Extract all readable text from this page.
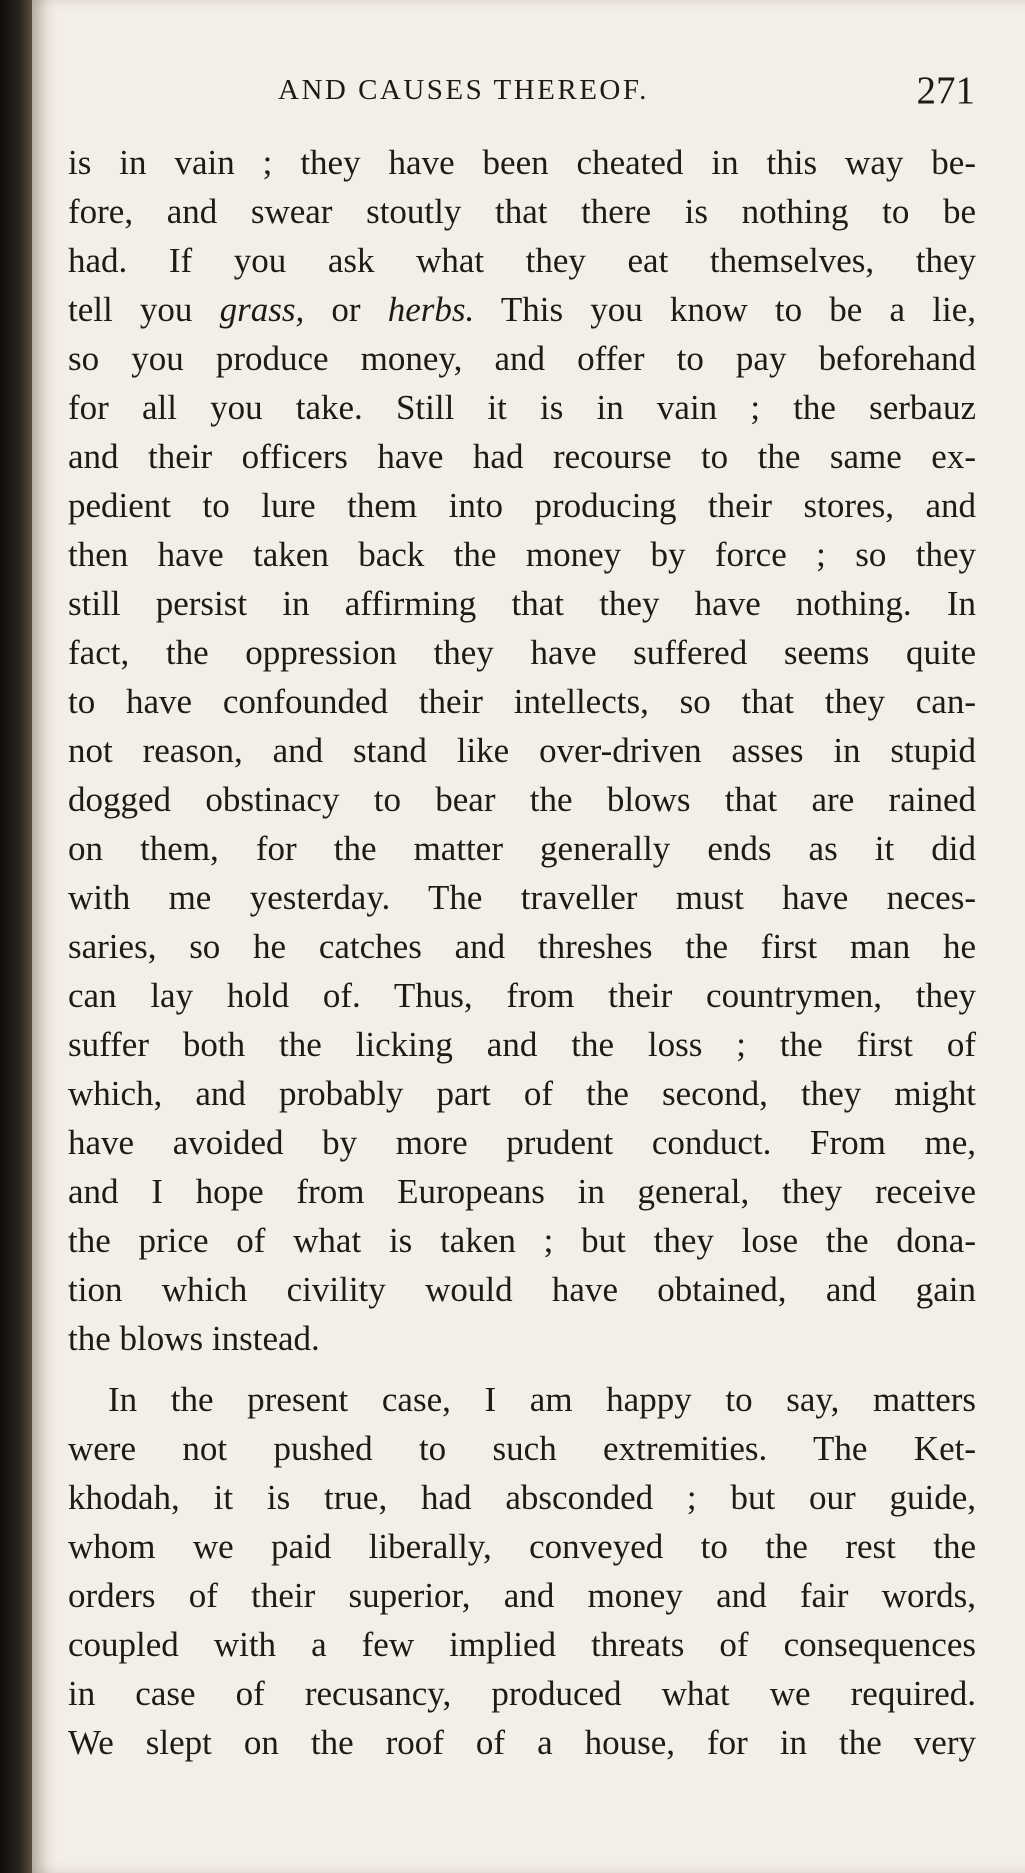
AND CAUSES THEREOF.	271
is in vain ; they have been cheated in this way be-
fore, and swear stoutly that there is nothing to be
had. If you ask what they eat themselves, they
tell you grass, or herbs. This you know to be a lie,
so you produce money, and offer to pay beforehand
for all you take. Still it is in vain ; the serbauz
and their officers have had recourse to the same ex-
pedient to lure them into producing their stores, and
then have taken back the money by force ; so they
still persist in affirming that they have nothing. In
fact, the oppression they have suffered seems quite
to have confounded their intellects, so that they can-
not reason, and stand like over-driven asses in stupid
dogged obstinacy to bear the blows that are rained
on them, for the matter generally ends as it did
with me yesterday. The traveller must have neces-
saries, so he catches and threshes the first man he
can lay hold of. Thus, from their countrymen, they
suffer both the licking and the loss ; the first of
which, and probably part of the second, they might
have avoided by more prudent conduct. From me,
and I hope from Europeans in general, they receive
the price of what is taken ; but they lose the dona-
tion which civility would have obtained, and gain
the blows instead.
In the present case, I am happy to say, matters
were not pushed to such extremities. The Ket-
khodah, it is true, had absconded ; but our guide,
whom we paid liberally, conveyed to the rest the
orders of their superior, and money and fair words,
coupled with a few implied threats of consequences
in case of recusancy, produced what we required.
We slept on the roof of a house, for in the very
